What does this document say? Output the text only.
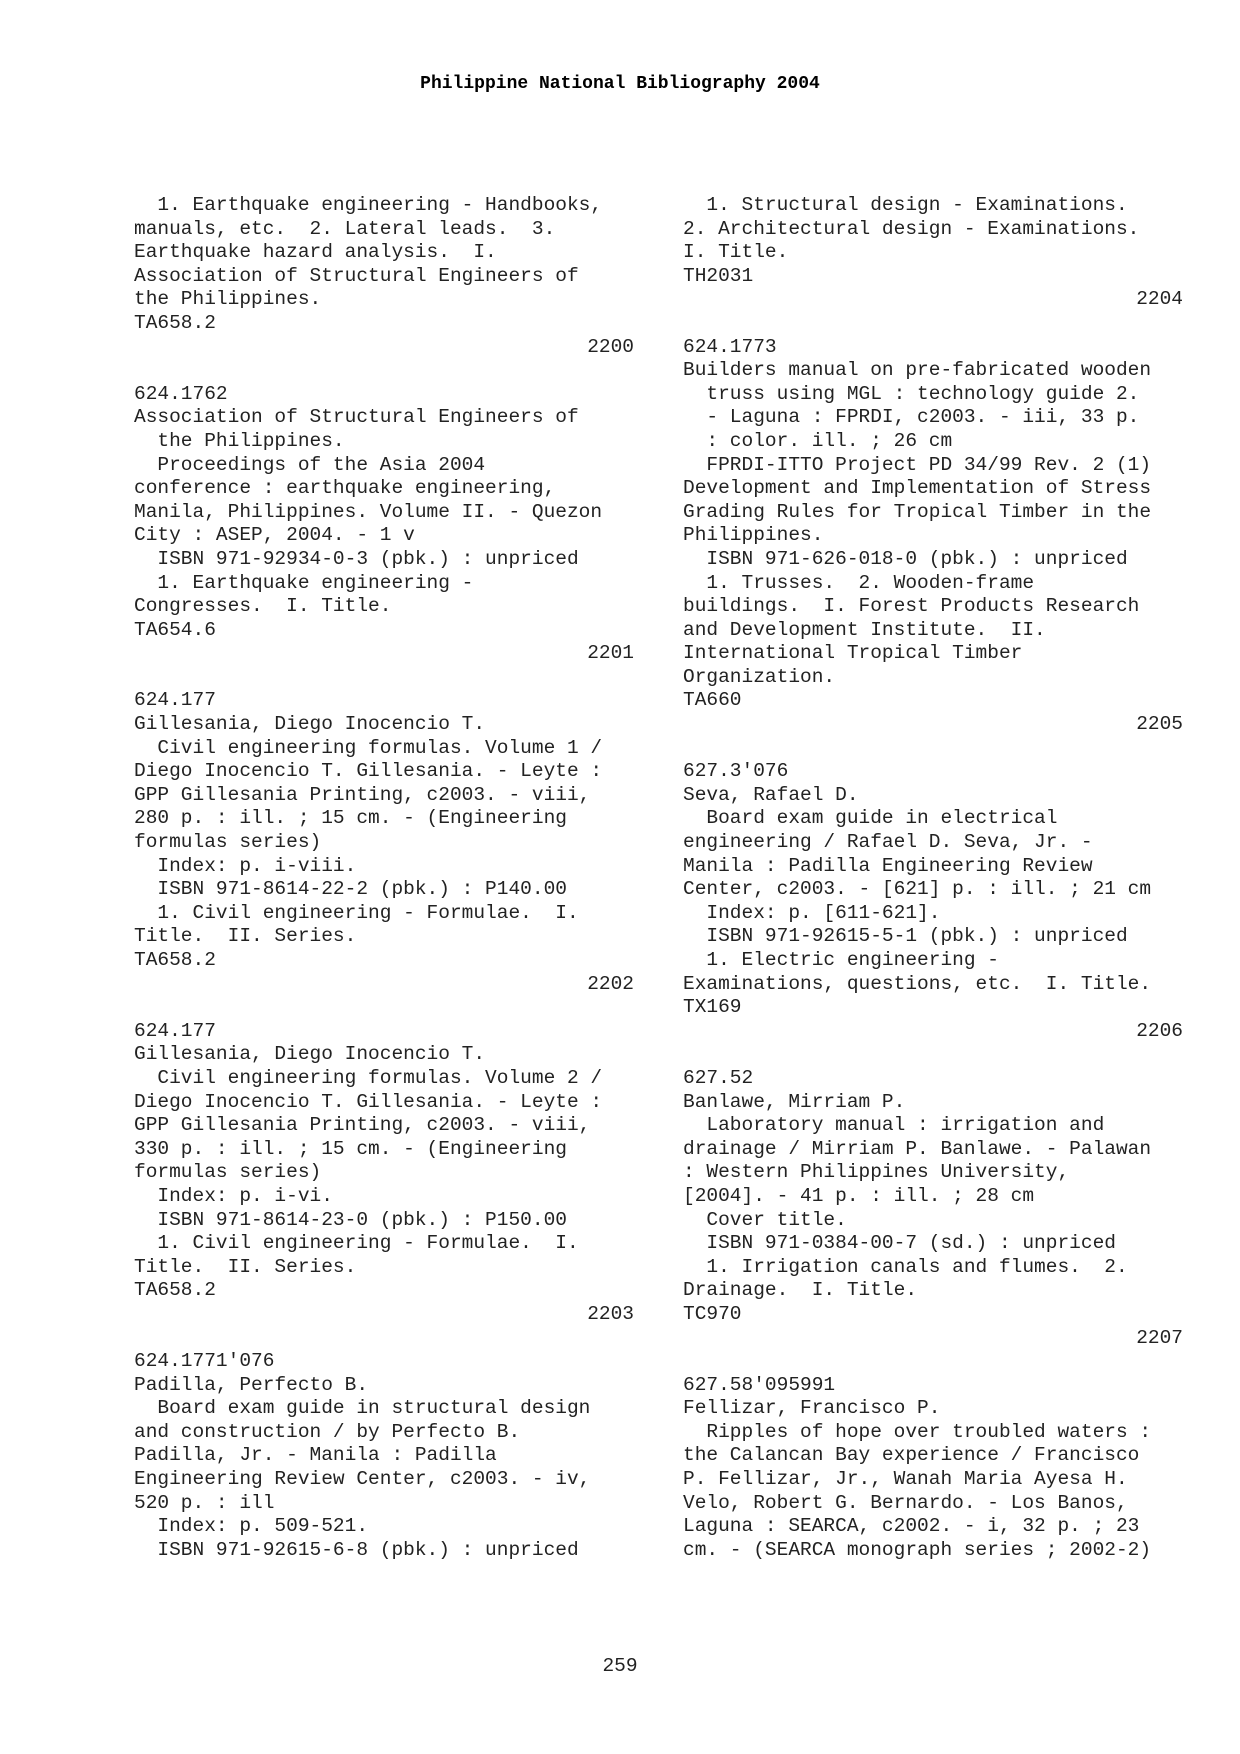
Philippine National Bibliography 2004
1. Earthquake engineering - Handbooks,
manuals, etc.  2. Lateral leads.  3.
Earthquake hazard analysis.  I.
Association of Structural Engineers of
the Philippines.
TA658.2
2200
624.1762
Association of Structural Engineers of
the Philippines.
Proceedings of the Asia 2004
conference : earthquake engineering,
Manila, Philippines. Volume II. - Quezon
City : ASEP, 2004. - 1 v
ISBN 971-92934-0-3 (pbk.) : unpriced
1. Earthquake engineering -
Congresses.  I. Title.
TA654.6
2201
624.177
Gillesania, Diego Inocencio T.
Civil engineering formulas. Volume 1 /
Diego Inocencio T. Gillesania. - Leyte :
GPP Gillesania Printing, c2003. - viii,
280 p. : ill. ; 15 cm. - (Engineering
formulas series)
Index: p. i-viii.
ISBN 971-8614-22-2 (pbk.) : P140.00
1. Civil engineering - Formulae.  I.
Title.  II. Series.
TA658.2
2202
624.177
Gillesania, Diego Inocencio T.
Civil engineering formulas. Volume 2 /
Diego Inocencio T. Gillesania. - Leyte :
GPP Gillesania Printing, c2003. - viii,
330 p. : ill. ; 15 cm. - (Engineering
formulas series)
Index: p. i-vi.
ISBN 971-8614-23-0 (pbk.) : P150.00
1. Civil engineering - Formulae.  I.
Title.  II. Series.
TA658.2
2203
624.1771'076
Padilla, Perfecto B.
Board exam guide in structural design
and construction / by Perfecto B.
Padilla, Jr. - Manila : Padilla
Engineering Review Center, c2003. - iv,
520 p. : ill
Index: p. 509-521.
ISBN 971-92615-6-8 (pbk.) : unpriced
1. Structural design - Examinations.
2. Architectural design - Examinations.
I. Title.
TH2031
2204
624.1773
Builders manual on pre-fabricated wooden
truss using MGL : technology guide 2.
- Laguna : FPRDI, c2003. - iii, 33 p.
: color. ill. ; 26 cm
FPRDI-ITTO Project PD 34/99 Rev. 2 (1)
Development and Implementation of Stress
Grading Rules for Tropical Timber in the
Philippines.
ISBN 971-626-018-0 (pbk.) : unpriced
1. Trusses.  2. Wooden-frame
buildings.  I. Forest Products Research
and Development Institute.  II.
International Tropical Timber
Organization.
TA660
2205
627.3'076
Seva, Rafael D.
Board exam guide in electrical
engineering / Rafael D. Seva, Jr. -
Manila : Padilla Engineering Review
Center, c2003. - [621] p. : ill. ; 21 cm
Index: p. [611-621].
ISBN 971-92615-5-1 (pbk.) : unpriced
1. Electric engineering -
Examinations, questions, etc.  I. Title.
TX169
2206
627.52
Banlawe, Mirriam P.
Laboratory manual : irrigation and
drainage / Mirriam P. Banlawe. - Palawan
: Western Philippines University,
[2004]. - 41 p. : ill. ; 28 cm
Cover title.
ISBN 971-0384-00-7 (sd.) : unpriced
1. Irrigation canals and flumes.  2.
Drainage.  I. Title.
TC970
2207
627.58'095991
Fellizar, Francisco P.
Ripples of hope over troubled waters :
the Calancan Bay experience / Francisco
P. Fellizar, Jr., Wanah Maria Ayesa H.
Velo, Robert G. Bernardo. - Los Banos,
Laguna : SEARCA, c2002. - i, 32 p. ; 23
cm. - (SEARCA monograph series ; 2002-2)
259
